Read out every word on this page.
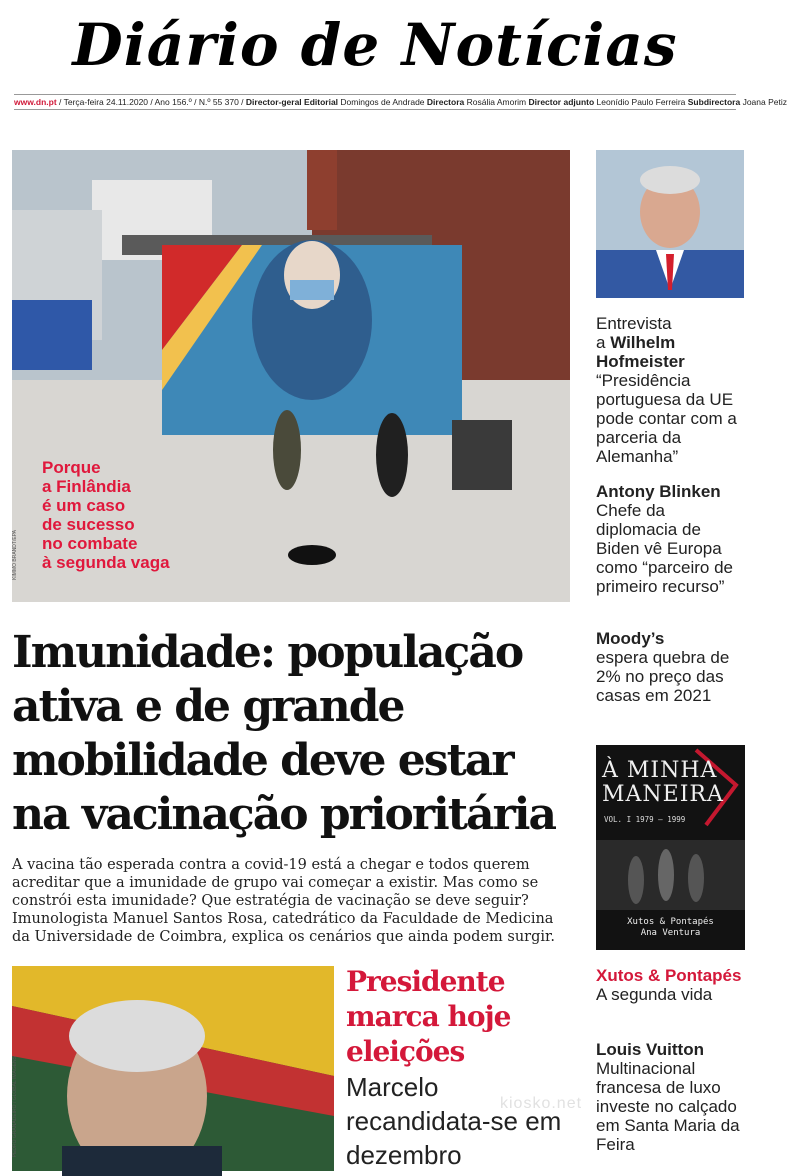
Diário de Notícias
www.dn.pt / Terça-feira 24.11.2020 / Ano 156.º / N.º 55 370 / Director-geral Editorial Domingos de Andrade Directora Rosália Amorim Director adjunto Leonídio Paulo Ferreira Subdirectora Joana Petiz
Porque
a Finlândia
é um caso
de sucesso
no combate
à segunda vaga
KIMMO BRANDT/EPA
Imunidade: população ativa e de grande mobilidade deve estar na vacinação prioritária
A vacina tão esperada contra a covid-19 está a chegar e todos querem acreditar que a imunidade de grupo vai começar a existir. Mas como se constrói esta imunidade? Que estratégia de vacinação se deve seguir? Imunologista Manuel Santos Rosa, catedrático da Faculdade de Medicina da Universidade de Coimbra, explica os cenários que ainda podem surgir.
PEDRO GRANADEIRO / GLOBAL IMAGENS
Presidente marca hoje eleições
Marcelo recandidata-se em dezembro
Entrevista
a Wilhelm Hofmeister
“Presidência portuguesa da UE pode contar com a parceria da Alemanha”
Antony Blinken
Chefe da diplomacia de Biden vê Europa como “parceiro de primeiro recurso”
Moody’s
espera quebra de 2% no preço das casas em 2021
À MINHA MANEIRA
VOL. I 1979 – 1999
Xutos & Pontapés
Ana Ventura
Xutos & Pontapés
A segunda vida
Louis Vuitton
Multinacional francesa de luxo investe no calçado em Santa Maria da Feira
kiosko.net
